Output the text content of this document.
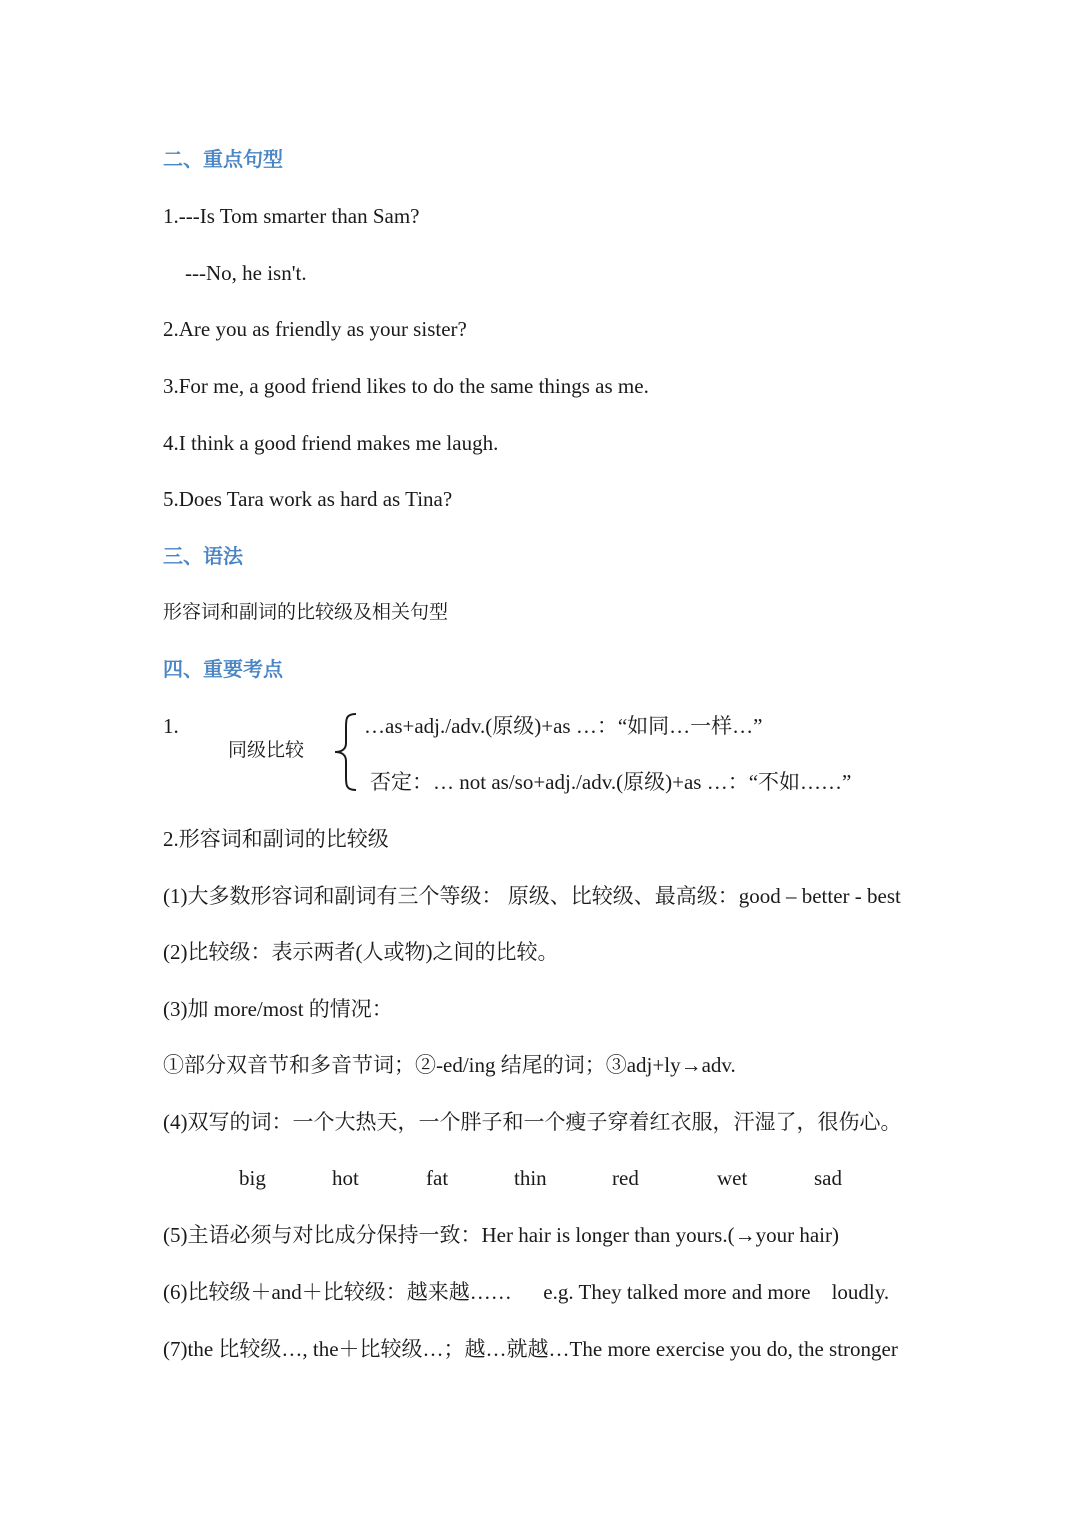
二、重点句型
1.---Is Tom smarter than Sam?
---No, he isn't.
2.Are you as friendly as your sister?
3.For me, a good friend likes to do the same things as me.
4.I think a good friend makes me laugh.
5.Does Tara work as hard as Tina?
三、语法
形容词和副词的比较级及相关句型
四、重要考点
1.
同级比较
…as+adj./adv.(原级)+as …：“如同…一样…”
否定：… not as/so+adj./adv.(原级)+as …：“不如……”
2.形容词和副词的比较级
(1)大多数形容词和副词有三个等级： 原级、比较级、最高级：good – better - best
(2)比较级：表示两者(人或物)之间的比较。
(3)加 more/most 的情况：
①部分双音节和多音节词；②-ed/ing 结尾的词；③adj+ly→adv.
(4)双写的词：一个大热天，一个胖子和一个瘦子穿着红衣服，汗湿了，很伤心。
big	hot	fat	thin	red	wet	sad
(5)主语必须与对比成分保持一致：Her hair is longer than yours.(→your hair)
(6)比较级＋and＋比较级：越来越……      e.g. They talked more and more    loudly.
(7)the 比较级…, the＋比较级…；越…就越…The more exercise you do, the stronger
